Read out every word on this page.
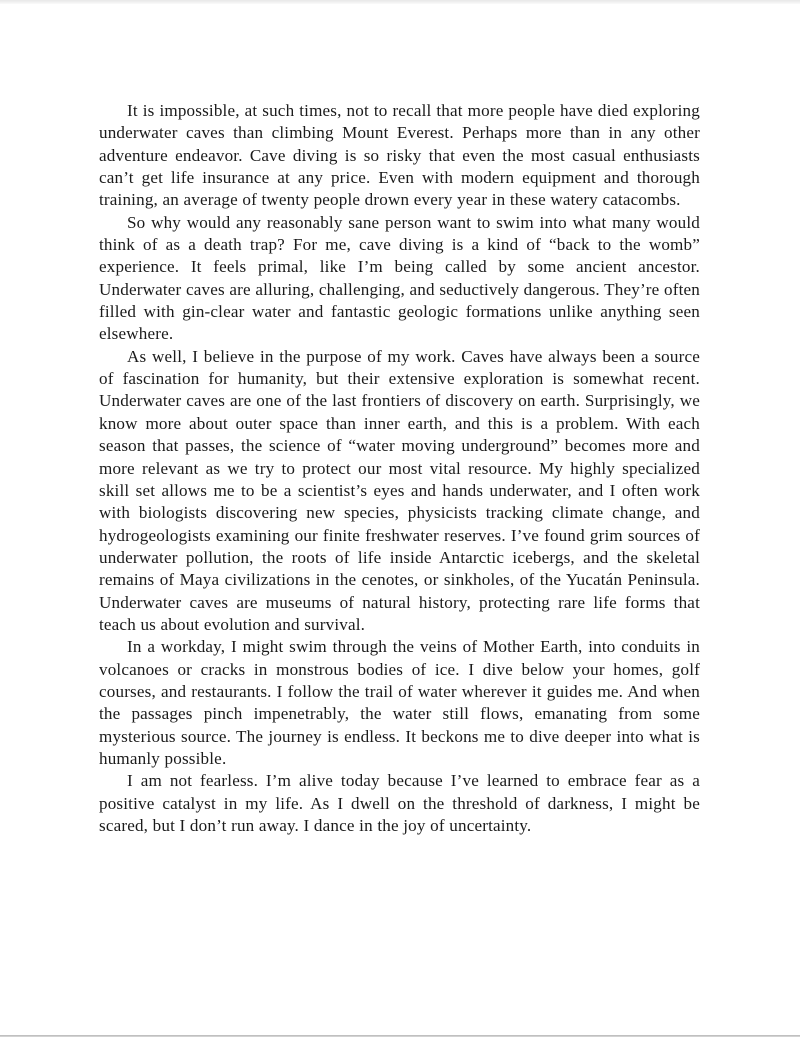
It is impossible, at such times, not to recall that more people have died exploring underwater caves than climbing Mount Everest. Perhaps more than in any other adventure endeavor. Cave diving is so risky that even the most casual enthusiasts can’t get life insurance at any price. Even with modern equipment and thorough training, an average of twenty people drown every year in these watery catacombs.

So why would any reasonably sane person want to swim into what many would think of as a death trap? For me, cave diving is a kind of “back to the womb” experience. It feels primal, like I’m being called by some ancient ancestor. Underwater caves are alluring, challenging, and seductively dangerous. They’re often filled with gin-clear water and fantastic geologic formations unlike anything seen elsewhere.

As well, I believe in the purpose of my work. Caves have always been a source of fascination for humanity, but their extensive exploration is somewhat recent. Underwater caves are one of the last frontiers of discovery on earth. Surprisingly, we know more about outer space than inner earth, and this is a problem. With each season that passes, the science of “water moving underground” becomes more and more relevant as we try to protect our most vital resource. My highly specialized skill set allows me to be a scientist’s eyes and hands underwater, and I often work with biologists discovering new species, physicists tracking climate change, and hydrogeologists examining our finite freshwater reserves. I’ve found grim sources of underwater pollution, the roots of life inside Antarctic icebergs, and the skeletal remains of Maya civilizations in the cenotes, or sinkholes, of the Yucatán Peninsula. Underwater caves are museums of natural history, protecting rare life forms that teach us about evolution and survival.

In a workday, I might swim through the veins of Mother Earth, into conduits in volcanoes or cracks in monstrous bodies of ice. I dive below your homes, golf courses, and restaurants. I follow the trail of water wherever it guides me. And when the passages pinch impenetrably, the water still flows, emanating from some mysterious source. The journey is endless. It beckons me to dive deeper into what is humanly possible.

I am not fearless. I’m alive today because I’ve learned to embrace fear as a positive catalyst in my life. As I dwell on the threshold of darkness, I might be scared, but I don’t run away. I dance in the joy of uncertainty.
